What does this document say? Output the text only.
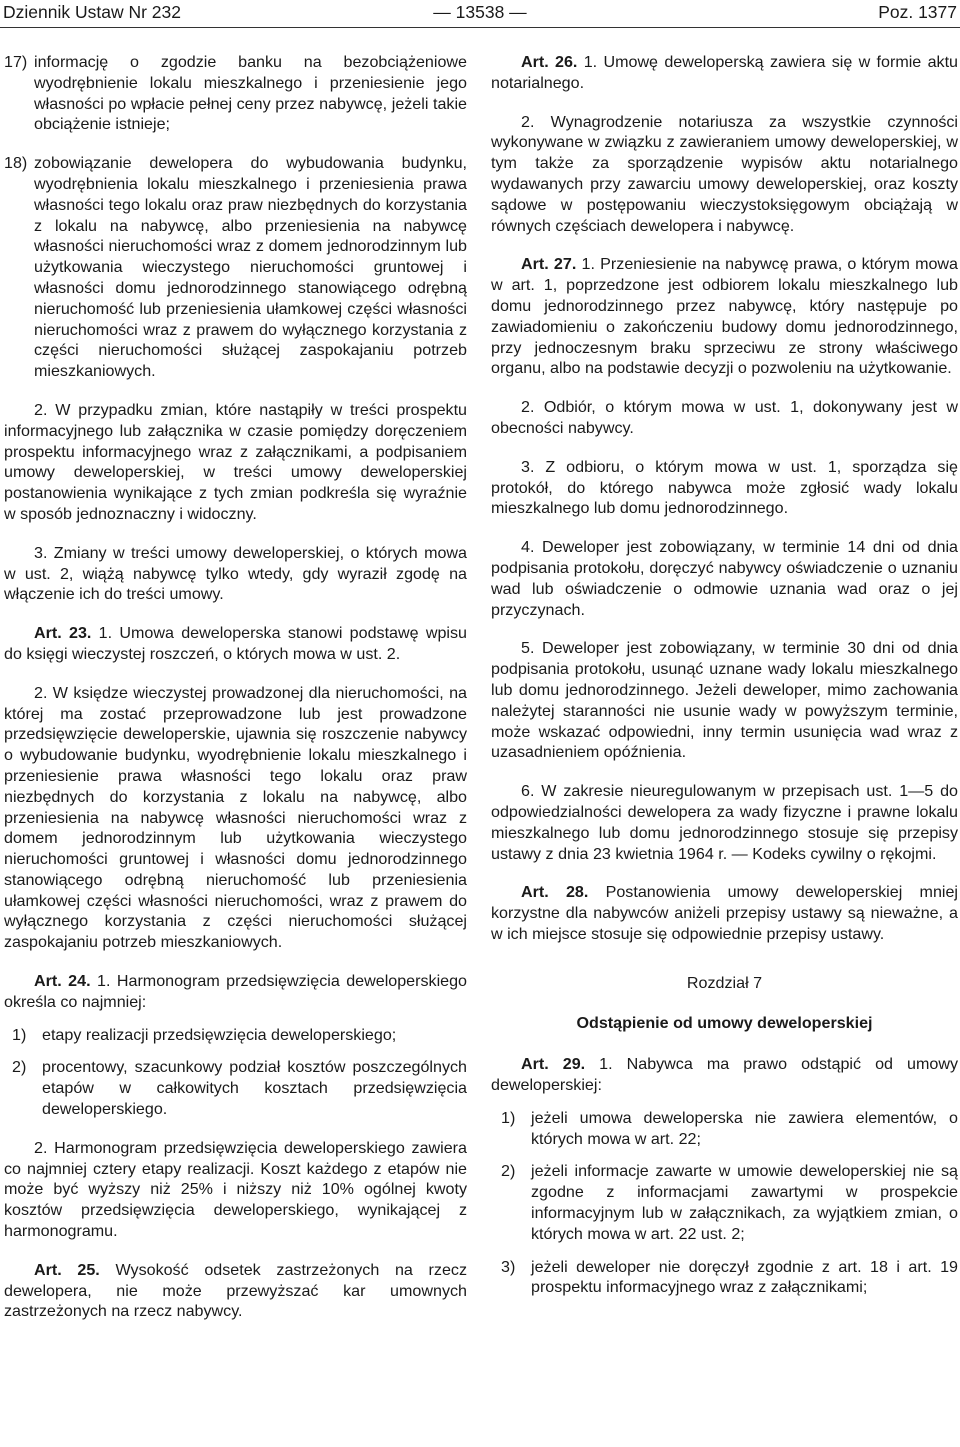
Dziennik Ustaw Nr 232	— 13538 —	Poz. 1377
17) informację o zgodzie banku na bezobciążeniowe wyodrębnienie lokalu mieszkalnego i przeniesienie jego własności po wpłacie pełnej ceny przez nabywcę, jeżeli takie obciążenie istnieje;
18) zobowiązanie dewelopera do wybudowania budynku, wyodrębnienia lokalu mieszkalnego i przeniesienia prawa własności tego lokalu oraz praw niezbędnych do korzystania z lokalu na nabywcę, albo przeniesienia na nabywcę własności nieruchomości wraz z domem jednorodzinnym lub użytkowania wieczystego nieruchomości gruntowej i własności domu jednorodzinnego stanowiącego odrębną nieruchomość lub przeniesienia ułamkowej części własności nieruchomości wraz z prawem do wyłącznego korzystania z części nieruchomości służącej zaspokajaniu potrzeb mieszkaniowych.

2. W przypadku zmian, które nastąpiły w treści prospektu informacyjnego lub załącznika w czasie pomiędzy doręczeniem prospektu informacyjnego wraz z załącznikami, a podpisaniem umowy deweloperskiej, w treści umowy deweloperskiej postanowienia wynikające z tych zmian podkreśla się wyraźnie w sposób jednoznaczny i widoczny.

3. Zmiany w treści umowy deweloperskiej, o których mowa w ust. 2, wiążą nabywcę tylko wtedy, gdy wyraził zgodę na włączenie ich do treści umowy.

Art. 23. 1. Umowa deweloperska stanowi podstawę wpisu do księgi wieczystej roszczeń, o których mowa w ust. 2.

2. W księdze wieczystej prowadzonej dla nieruchomości, na której ma zostać przeprowadzone lub jest prowadzone przedsięwzięcie deweloperskie, ujawnia się roszczenie nabywcy o wybudowanie budynku, wyodrębnienie lokalu mieszkalnego i przeniesienie prawa własności tego lokalu oraz praw niezbędnych do korzystania z lokalu na nabywcę, albo przeniesienia na nabywcę własności nieruchomości wraz z domem jednorodzinnym lub użytkowania wieczystego nieruchomości gruntowej i własności domu jednorodzinnego stanowiącego odrębną nieruchomość lub przeniesienia ułamkowej części własności nieruchomości, wraz z prawem do wyłącznego korzystania z części nieruchomości służącej zaspokajaniu potrzeb mieszkaniowych.

Art. 24. 1. Harmonogram przedsięwzięcia deweloperskiego określa co najmniej:

1) etapy realizacji przedsięwzięcia deweloperskiego;
2) procentowy, szacunkowy podział kosztów poszczególnych etapów w całkowitych kosztach przedsięwzięcia deweloperskiego.

2. Harmonogram przedsięwzięcia deweloperskiego zawiera co najmniej cztery etapy realizacji. Koszt każdego z etapów nie może być wyższy niż 25% i niższy niż 10% ogólnej kwoty kosztów przedsięwzięcia deweloperskiego, wynikającej z harmonogramu.

Art. 25. Wysokość odsetek zastrzeżonych na rzecz dewelopera, nie może przewyższać kar umownych zastrzeżonych na rzecz nabywcy.

Art. 26. 1. Umowę deweloperską zawiera się w formie aktu notarialnego.

2. Wynagrodzenie notariusza za wszystkie czynności wykonywane w związku z zawieraniem umowy deweloperskiej, w tym także za sporządzenie wypisów aktu notarialnego wydawanych przy zawarciu umowy deweloperskiej, oraz koszty sądowe w postępowaniu wieczystoksięgowym obciążają w równych częściach dewelopera i nabywcę.

Art. 27. 1. Przeniesienie na nabywcę prawa, o którym mowa w art. 1, poprzedzone jest odbiorem lokalu mieszkalnego lub domu jednorodzinnego przez nabywcę, który następuje po zawiadomieniu o zakończeniu budowy domu jednorodzinnego, przy jednoczesnym braku sprzeciwu ze strony właściwego organu, albo na podstawie decyzji o pozwoleniu na użytkowanie.

2. Odbiór, o którym mowa w ust. 1, dokonywany jest w obecności nabywcy.

3. Z odbioru, o którym mowa w ust. 1, sporządza się protokół, do którego nabywca może zgłosić wady lokalu mieszkalnego lub domu jednorodzinnego.

4. Deweloper jest zobowiązany, w terminie 14 dni od dnia podpisania protokołu, doręczyć nabywcy oświadczenie o uznaniu wad lub oświadczenie o odmowie uznania wad oraz o jej przyczynach.

5. Deweloper jest zobowiązany, w terminie 30 dni od dnia podpisania protokołu, usunąć uznane wady lokalu mieszkalnego lub domu jednorodzinnego. Jeżeli deweloper, mimo zachowania należytej staranności nie usunie wady w powyższym terminie, może wskazać odpowiedni, inny termin usunięcia wad wraz z uzasadnieniem opóźnienia.

6. W zakresie nieuregulowanym w przepisach ust. 1—5 do odpowiedzialności dewelopera za wady fizyczne i prawne lokalu mieszkalnego lub domu jednorodzinnego stosuje się przepisy ustawy z dnia 23 kwietnia 1964 r. — Kodeks cywilny o rękojmi.

Art. 28. Postanowienia umowy deweloperskiej mniej korzystne dla nabywców aniżeli przepisy ustawy są nieważne, a w ich miejsce stosuje się odpowiednie przepisy ustawy.

Rozdział 7

Odstąpienie od umowy deweloperskiej

Art. 29. 1. Nabywca ma prawo odstąpić od umowy deweloperskiej:

1) jeżeli umowa deweloperska nie zawiera elementów, o których mowa w art. 22;
2) jeżeli informacje zawarte w umowie deweloperskiej nie są zgodne z informacjami zawartymi w prospekcie informacyjnym lub w załącznikach, za wyjątkiem zmian, o których mowa w art. 22 ust. 2;
3) jeżeli deweloper nie doręczył zgodnie z art. 18 i art. 19 prospektu informacyjnego wraz z załącznikami;
